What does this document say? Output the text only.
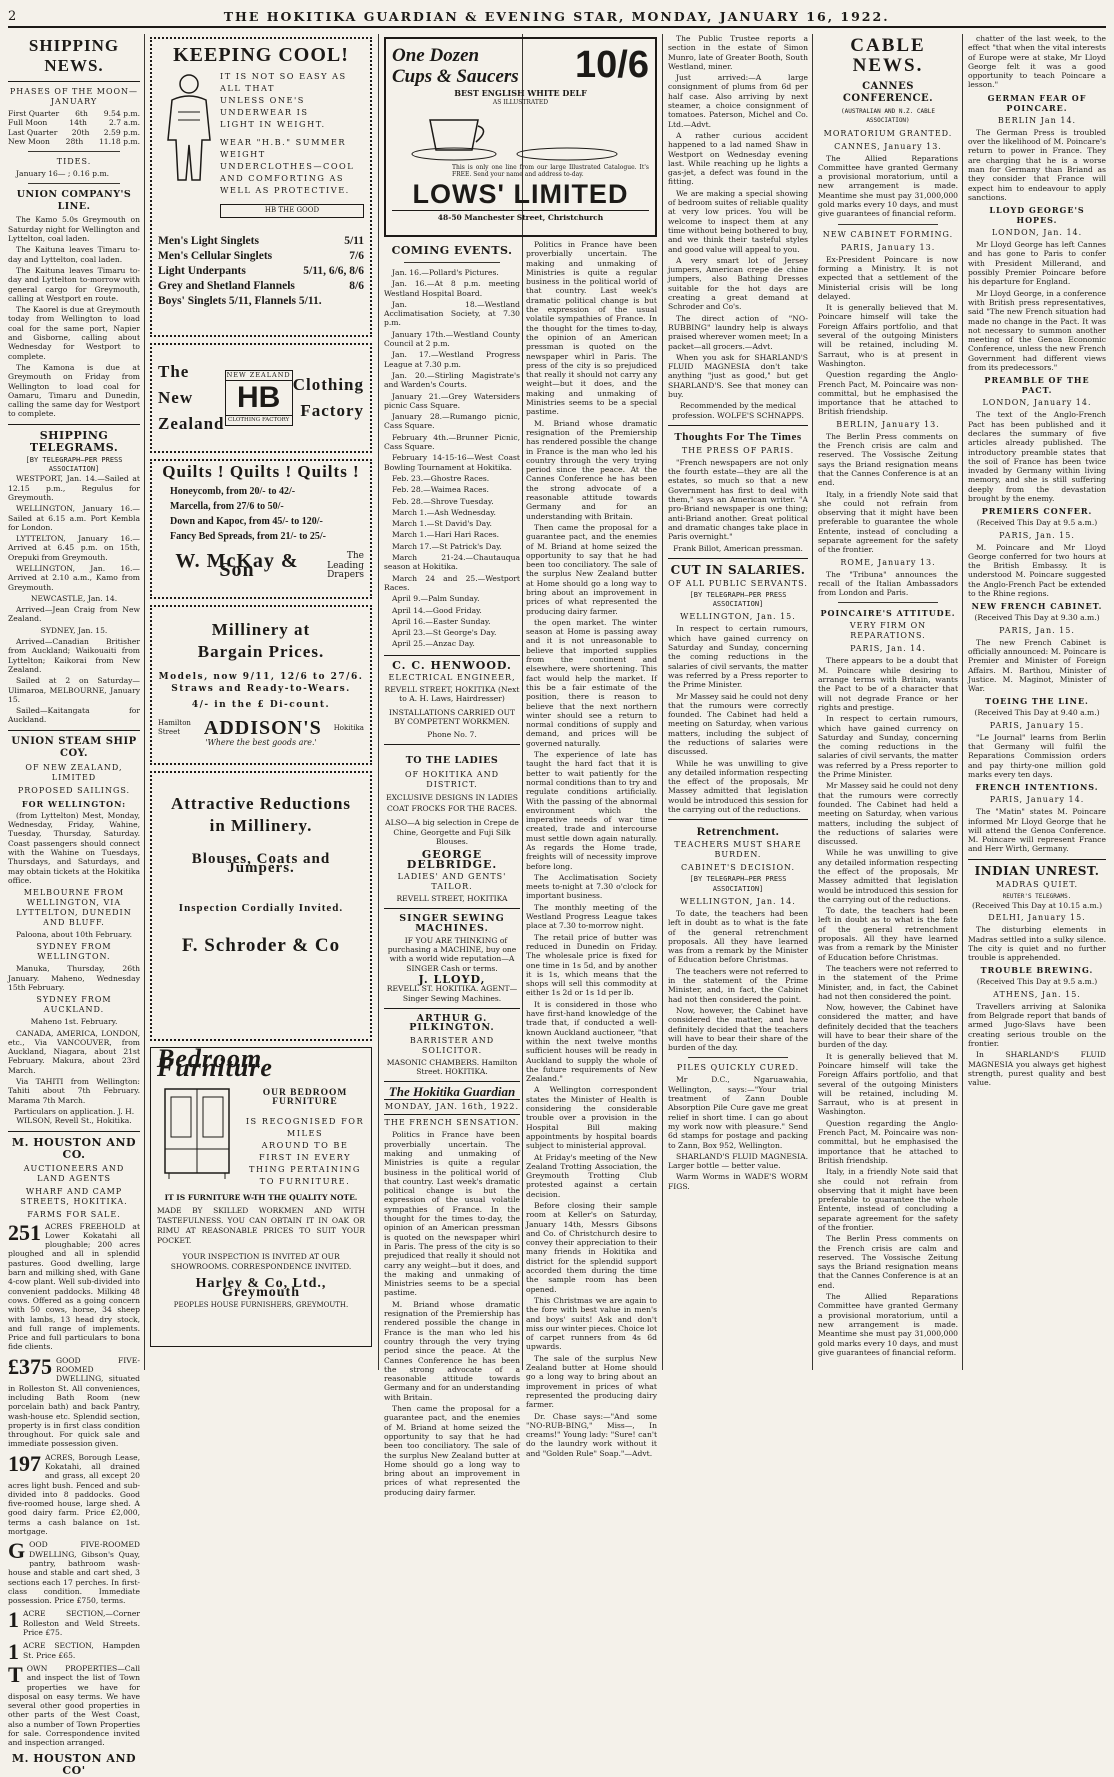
2	THE HOKITIKA GUARDIAN & EVENING STAR, MONDAY, JANUARY 16, 1922.
SHIPPING NEWS.
PHASES OF THE MOON—JANUARY
First Quarter 6th 9.54 p.m.
Full Moon	14th	2.7 a.m.
Last Quarter 20th 2.59 p.m.
New Moon 28th 11.18 p.m.
TIDES.

January 16— ; 0.16 p.m.

UNION COMPANY'S LINE.

The Kamo 5.0s Greymouth on Saturday night for Wellington and Lyttelton, coal laden.

The Kaituna leaves Timaru to-day and Lyttelton, coal laden.

The Kaituna leaves Timaru to-day and Lyttelton to-morrow with general cargo for Greymouth, calling at Westport en route.

The Kaorel is due at Greymouth today from Wellington to load coal for the same port, Napier and Gisborne, calling about Wednesday for Westport to complete.

The Kamona is due at Greymouth on Friday from Wellington to load coal for Oamaru, Timaru and Dunedin, calling the same day for Westport to complete.

SHIPPING TELEGRAMS.
[BY TELEGRAPH—PER PRESS ASSOCIATION]

WESTPORT, Jan. 14.—Sailed at 12.15 p.m., Regulus for Greymouth.

WELLINGTON, January 16.—Sailed at 6.15 a.m. Port Kembla for London.

LYTTELTON, January 16.—Arrived at 6.45 p.m. on 15th, Orepuki from Greymouth.

WELLINGTON, Jan. 16.—Arrived at 2.10 a.m., Kamo from Greymouth.

NEWCASTLE, Jan. 14.

Arrived—Jean Craig from New Zealand.

SYDNEY, Jan. 15.

Arrived—Canadian Britisher from Auckland; Waikouaiti from Lyttelton; Kaikorai from New Zealand.

Sailed at 2 on Saturday—Ulimaroa, MELBOURNE, January 15.

Sailed—Kaitangata for Auckland.

UNION STEAM SHIP COY.
OF NEW ZEALAND, LIMITED
PROPOSED SAILINGS.
FOR WELLINGTON:

(from Lyttelton) Mest, Monday, Wednesday, Friday, Wahine, Tuesday, Thursday, Saturday. Coast passengers should connect with the Wahine on Tuesdays, Thursdays, and Saturdays, and may obtain tickets at the Hokitika office.

MELBOURNE FROM WELLINGTON, VIA LYTTELTON, DUNEDIN AND BLUFF.

Paloona, about 10th February.

SYDNEY FROM WELLINGTON.

Manuka, Thursday, 26th January. Maheno, Wednesday 15th February.

SYDNEY FROM AUCKLAND.

Maheno 1st. February.

CANADA, AMERICA, LONDON, etc., Via VANCOUVER, from Auckland, Niagara, about 21st February. Makura, about 23rd March.

Via TAHITI from Wellington: Tahiti about 7th February. Marama 7th March.

Particulars on application. J. H. WILSON, Revell St., Hokitika.

M. HOUSTON AND CO.
AUCTIONEERS AND LAND AGENTS
WHARF AND CAMP STREETS, HOKITIKA.
FARMS FOR SALE.
251 ACRES FREEHOLD at Lower Kokatahi all ploughable; 200 acres ploughed and all in splendid pastures. Good dwelling, large barn and milking shed, with Gane 4-cow plant. Well sub-divided into convenient paddocks. Milking 48 cows. Offered as a going concern with 50 cows, horse, 34 sheep with lambs, 13 head dry stock, and full range of implements. Price and full particulars to bona fide clients.
£375 GOOD FIVE-ROOMED DWELLING, situated in Rolleston St. All conveniences, including Bath Room (new porcelain bath) and back Pantry, wash-house etc. Splendid section, property is in first class condition throughout. For quick sale and immediate possession given.
197 ACRES, Borough Lease, Kokatahi, all drained and grass, all except 20 acres light bush. Fenced and sub-divided into 8 paddocks. Good five-roomed house, large shed. A good dairy farm. Price £2,000, terms a cash balance on 1st. mortgage.
GOOD FIVE-ROOMED DWELLING, Gibson's Quay, pantry, bathroom wash-house and stable and cart shed, 3 sections each 17 perches. In first-class condition. Immediate possession. Price £750, terms.
1 ACRE SECTION,—Corner Rolleston and Weld Streets. Price £75.
1 ACRE SECTION, Hampden St. Price £65.
TOWN PROPERTIES—Call and inspect the list of Town properties we have for disposal on easy terms. We have several other good properties in other parts of the West Coast, also a number of Town Properties for sale. Correspondence invited and inspection arranged.
M. HOUSTON AND CO'
KEEPING COOL!
IT IS NOT SO EASY AS ALL THAT
UNLESS ONE'S UNDERWEAR IS
LIGHT IN WEIGHT.
WEAR "H.B." SUMMER WEIGHT
UNDERCLOTHES—COOL AND COMFORTING AS WELL AS PROTECTIVE.
HB THE GOOD
Men's Light Singlets	5/11
Men's Cellular Singlets	7/6
Light Underpants	5/11, 6/6, 8/6
Grey and Shetland Flannels	8/6
Boys' Singlets 5/11, Flannels 5/11.
The New
Zealand
NEW ZEALAND
HB
CLOTHING FACTORY
Clothing
Factory
Quilts ! Quilts ! Quilts !
Honeycomb, from 20/- to 42/-
Marcella, from 27/6 to 50/-
Down and Kapoc, from 45/- to 120/-
Fancy Bed Spreads, from 21/- to 25/-
W. McKay & Son
The Leading Drapers
Millinery at Bargain Prices.
Models, now 9/11, 12/6 to 27/6.
Straws and Ready-to-Wears.
4/- in the £ Di-count.
Hamilton Street	ADDISON'S Hokitika
'Where the best goods are.'
Attractive Reductions in Millinery.
Blouses, Coats and Jumpers.
Inspection Cordially Invited.
F. Schroder & Co
Bedroom Furniture
OUR BEDROOM FURNITURE
IS RECOGNISED FOR MILES
AROUND TO BE FIRST IN EVERY
THING PERTAINING TO FURNITURE.
IT IS FURNITURE W-TH THE QUALITY NOTE.
MADE BY SKILLED WORKMEN AND WITH TASTEFULNESS. YOU CAN OBTAIN IT IN OAK OR RIMU AT REASONABLE PRICES TO SUIT YOUR POCKET.
YOUR INSPECTION IS INVITED AT OUR SHOWROOMS. CORRESPONDENCE INVITED.
Harley & Co, Ltd., Greymouth
PEOPLES HOUSE FURNISHERS, GREYMOUTH.
One Dozen
Cups & Saucers 10/6
BEST ENGLISH WHITE DELF
AS ILLUSTRATED
This is only one line from our large Illustrated Catalogue. It's FREE. Send your name and address to-day.
LOWS' LIMITED
48-50 Manchester Street, Christchurch
COMING EVENTS.

Jan. 16.—Pollard's Pictures.

Jan. 16.—At 8 p.m. meeting Westland Hospital Board.

Jan. 18.—Westland Acclimatisation Society, at 7.30 p.m.

January 17th.—Westland County Council at 2 p.m.

Jan. 17.—Westland Progress League at 7.30 p.m.

Jan. 20.—Stirling Magistrate's and Warden's Courts.

January 21.—Grey Watersiders picnic Cass Square.

January 28.—Rumango picnic, Cass Square.

February 4th.—Brunner Picnic, Cass Square.

February 14-15-16—West Coast Bowling Tournament at Hokitika.

Feb. 23.—Ghostre Races.

Feb. 28.—Waimea Races.

Feb. 28.—Shrove Tuesday.

March 1.—Ash Wednesday.

March 1.—St David's Day.

March 1.—Hari Hari Races.

March 17.—St Patrick's Day.

March 21-24.—Chautauqua season at Hokitika.

March 24 and 25.—Westport Races.

April 9.—Palm Sunday.

April 14.—Good Friday.

April 16.—Easter Sunday.

April 23.—St George's Day.

April 25.—Anzac Day.

C. C. HENWOOD.
ELECTRICAL ENGINEER,
REVELL STREET, HOKITIKA (Next to A. H. Laws, Hairdresser)
INSTALLATIONS CARRIED OUT BY COMPETENT WORKMEN.
Phone No. 7.
TO THE LADIES
OF HOKITIKA AND DISTRICT.
EXCLUSIVE DESIGNS IN LADIES COAT FROCKS FOR THE RACES.
ALSO—A big selection in Crepe de Chine, Georgette and Fuji Silk Blouses.
GEORGE DELBRIDGE.
LADIES' AND GENTS' TAILOR.
REVELL STREET, HOKITIKA
SINGER SEWING MACHINES.

IF YOU ARE THINKING of purchasing a MACHINE, buy one with a world wide reputation—A SINGER Cash or terms.

J. LLOYD,
REVELL ST. HOKITIKA. AGENT—Singer Sewing Machines.
ARTHUR G. PILKINGTON.
BARRISTER AND SOLICITOR.
MASONIC CHAMBERS. Hamilton Street. HOKITIKA.
The Hokitika Guardian
MONDAY, JAN. 16th, 1922.
THE FRENCH SENSATION.

Politics in France have been proverbially uncertain. The making and unmaking of Ministries is quite a regular business in the political world of that country. Last week's dramatic political change is but the expression of the usual volatile sympathies of France. In the thought for the times to-day, the opinion of an American pressman is quoted on the newspaper whirl in Paris. The press of the city is so prejudiced that really it should not carry any weight—but it does, and the making and unmaking of Ministries seems to be a special pastime.

M. Briand whose dramatic resignation of the Premiership has rendered possible the change in France is the man who led his country through the very trying period since the peace. At the Cannes Conference he has been the strong advocate of a reasonable attitude towards Germany and for an understanding with Britain.

Then came the proposal for a guarantee pact, and the enemies of M. Briand at home seized the opportunity to say that he had been too conciliatory. The sale of the surplus New Zealand butter at Home should go a long way to bring about an improvement in prices of what represented the producing dairy farmer.

Politics in France have been proverbially uncertain. The making and unmaking of Ministries is quite a regular business in the political world of that country. Last week's dramatic political change is but the expression of the usual volatile sympathies of France. In the thought for the times to-day, the opinion of an American pressman is quoted on the newspaper whirl in Paris. The press of the city is so prejudiced that really it should not carry any weight—but it does, and the making and unmaking of Ministries seems to be a special pastime.

M. Briand whose dramatic resignation of the Premiership has rendered possible the change in France is the man who led his country through the very trying period since the peace. At the Cannes Conference he has been the strong advocate of a reasonable attitude towards Germany and for an understanding with Britain.

Then came the proposal for a guarantee pact, and the enemies of M. Briand at home seized the opportunity to say that he had been too conciliatory. The sale of the surplus New Zealand butter at Home should go a long way to bring about an improvement in prices of what represented the producing dairy farmer.

the open market. The winter season at Home is passing away and it is not unreasonable to believe that imported supplies from the continent and elsewhere, were shortening. This fact would help the market. If this be a fair estimate of the position, there is reason to believe that the next northern winter should see a return to normal conditions of supply and demand, and prices will be governed naturally.

The experience of late has taught the hard fact that it is better to wait patiently for the normal conditions than to try and regulate conditions artificially. With the passing of the abnormal environment which the imperative needs of war time created, trade and intercourse must settle down again naturally. As regards the Home trade, freights will of necessity improve before long.

The Acclimatisation Society meets to-night at 7.30 o'clock for important business.

The monthly meeting of the Westland Progress League takes place at 7.30 to-morrow night.

The retail price of butter was reduced in Dunedin on Friday. The wholesale price is fixed for one time in 1s 5d, and by another it is 1s, which means that the shops will sell this commodity at either 1s 2d or 1s 1d per lb.

It is considered in those who have first-hand knowledge of the trade that, if conducted a well-known Auckland auctioneer, "that within the next twelve months sufficient houses will be ready in Auckland to supply the whole of the future requirements of New Zealand."

A Wellington correspondent states the Minister of Health is considering the considerable trouble over a provision in the Hospital Bill making appointments by hospital boards subject to ministerial approval.

At Friday's meeting of the New Zealand Trotting Association, the Greymouth Trotting Club protested against a certain decision.

Before closing their sample room at Keller's on Saturday, January 14th, Messrs Gibsons and Co. of Christchurch desire to convey their appreciation to their many friends in Hokitika and district for the splendid support accorded them during the time the sample room has been opened.

This Christmas we are again to the fore with best value in men's and boys' suits! Ask and don't miss our winter pieces. Choice lot of carpet runners from 4s 6d upwards.

The sale of the surplus New Zealand butter at Home should go a long way to bring about an improvement in prices of what represented the producing dairy farmer.

Dr. Chase says:—"And some "NO-RUB-BING," Miss—, In creams!" Young lady: "Sure! can't do the laundry work without it and "Golden Rule" Soap."—Advt.

The Public Trustee reports a section in the estate of Simon Munro, late of Greater Booth, South Westland, miner.

Just arrived:—A large consignment of plums from 6d per half case. Also arriving by next steamer, a choice consignment of tomatoes. Paterson, Michel and Co. Ltd.—Advt.

A rather curious accident happened to a lad named Shaw in Westport on Wednesday evening last. While reaching up he lights a gas-jet, a defect was found in the fitting.

We are making a special showing of bedroom suites of reliable quality at very low prices. You will be welcome to inspect them at any time without being bothered to buy, and we think their tasteful styles and good value will appeal to you.

A very smart lot of Jersey jumpers, American crepe de chine jumpers, also Bathing Dresses suitable for the hot days are creating a great demand at Schroder and Co's.

The direct action of "NO-RUBBING" laundry help is always praised wherever women meet; In a packet—all grocers.—Advt.

When you ask for SHARLAND'S FLUID MAGNESIA don't take anything "just as good," but get SHARLAND'S. See that money can buy.

Recommended by the medical profession. WOLFE'S SCHNAPPS.

Thoughts For The Times
THE PRESS OF PARIS.

"French newspapers are not only the fourth estate—they are all the estates, so much so that a new Government has first to deal with them," says an American writer. "A pro-Briand newspaper is one thing; anti-Briand another. Great political and dramatic changes take place in Paris overnight."

Frank Billot, American pressman.

CUT IN SALARIES.
OF ALL PUBLIC SERVANTS.
[BY TELEGRAPH—PER PRESS ASSOCIATION]
WELLINGTON, Jan. 15.

In respect to certain rumours, which have gained currency on Saturday and Sunday, concerning the coming reductions in the salaries of civil servants, the matter was referred by a Press reporter to the Prime Minister.

Mr Massey said he could not deny that the rumours were correctly founded. The Cabinet had held a meeting on Saturday, when various matters, including the subject of the reductions of salaries were discussed.

While he was unwilling to give any detailed information respecting the effect of the proposals, Mr Massey admitted that legislation would be introduced this session for the carrying out of the reductions.

Retrenchment.
TEACHERS MUST SHARE BURDEN.
CABINET'S DECISION.
[BY TELEGRAPH—PER PRESS ASSOCIATION]
WELLINGTON, Jan. 14.

To date, the teachers had been left in doubt as to what is the fate of the general retrenchment proposals. All they have learned was from a remark by the Minister of Education before Christmas.

The teachers were not referred to in the statement of the Prime Minister, and, in fact, the Cabinet had not then considered the point.

Now, however, the Cabinet have considered the matter, and have definitely decided that the teachers will have to bear their share of the burden of the day.

PILES QUICKLY CURED.

Mr D.C., Ngaruawahia, Wellington, says:—"Your trial treatment of Zann Double Absorption Pile Cure gave me great relief in short time. I can go about my work now with pleasure." Send 6d stamps for postage and packing to Zann, Box 952, Wellington.

SHARLAND'S FLUID MAGNESIA. Larger bottle — better value.

Warm Worms in WADE'S WORM FIGS.

CABLE NEWS.
CANNES CONFERENCE.
(AUSTRALIAN AND N.Z. CABLE ASSOCIATION)
MORATORIUM GRANTED.
CANNES, January 13.

The Allied Reparations Committee have granted Germany a provisional moratorium, until a new arrangement is made. Meantime she must pay 31,000,000 gold marks every 10 days, and must give guarantees of financial reform.

NEW CABINET FORMING.
PARIS, January 13.

Ex-President Poincare is now forming a Ministry. It is not expected that a settlement of the Ministerial crisis will be long delayed.

It is generally believed that M. Poincare himself will take the Foreign Affairs portfolio, and that several of the outgoing Ministers will be retained, including M. Sarraut, who is at present in Washington.

Question regarding the Anglo-French Pact, M. Poincaire was non-committal, but he emphasised the importance that he attached to British friendship.

BERLIN, January 13.

The Berlin Press comments on the French crisis are calm and reserved. The Vossische Zeitung says the Briand resignation means that the Cannes Conference is at an end.

Italy, in a friendly Note said that she could not refrain from observing that it might have been preferable to guarantee the whole Entente, instead of concluding a separate agreement for the safety of the frontier.

ROME, January 13.

The "Tribuna" announces the recall of the Italian Ambassadors from London and Paris.

POINCAIRE'S ATTITUDE.
VERY FIRM ON REPARATIONS.
PARIS, Jan. 14.

There appears to be a doubt that M. Poincare while desiring to arrange terms with Britain, wants the Pact to be of a character that will not degrade France or her rights and prestige.

In respect to certain rumours, which have gained currency on Saturday and Sunday, concerning the coming reductions in the salaries of civil servants, the matter was referred by a Press reporter to the Prime Minister.

Mr Massey said he could not deny that the rumours were correctly founded. The Cabinet had held a meeting on Saturday, when various matters, including the subject of the reductions of salaries were discussed.

While he was unwilling to give any detailed information respecting the effect of the proposals, Mr Massey admitted that legislation would be introduced this session for the carrying out of the reductions.

To date, the teachers had been left in doubt as to what is the fate of the general retrenchment proposals. All they have learned was from a remark by the Minister of Education before Christmas.

The teachers were not referred to in the statement of the Prime Minister, and, in fact, the Cabinet had not then considered the point.

Now, however, the Cabinet have considered the matter, and have definitely decided that the teachers will have to bear their share of the burden of the day.

It is generally believed that M. Poincare himself will take the Foreign Affairs portfolio, and that several of the outgoing Ministers will be retained, including M. Sarraut, who is at present in Washington.

Question regarding the Anglo-French Pact, M. Poincaire was non-committal, but he emphasised the importance that he attached to British friendship.

Italy, in a friendly Note said that she could not refrain from observing that it might have been preferable to guarantee the whole Entente, instead of concluding a separate agreement for the safety of the frontier.

The Berlin Press comments on the French crisis are calm and reserved. The Vossische Zeitung says the Briand resignation means that the Cannes Conference is at an end.

The Allied Reparations Committee have granted Germany a provisional moratorium, until a new arrangement is made. Meantime she must pay 31,000,000 gold marks every 10 days, and must give guarantees of financial reform.

chatter of the last week, to the effect "that when the vital interests of Europe were at stake, Mr Lloyd George felt it was a good opportunity to teach Poincare a lesson."

GERMAN FEAR OF POINCARE.
BERLIN Jan 14.

The German Press is troubled over the likelihood of M. Poincare's return to power in France. They are charging that he is a worse man for Germany than Briand as they consider that France will expect him to endeavour to apply sanctions.

LLOYD GEORGE'S HOPES.
LONDON, Jan. 14.

Mr Lloyd George has left Cannes and has gone to Paris to confer with President Millerand, and possibly Premier Poincare before his departure for England.

Mr Lloyd George, in a conference with British press representatives, said "The new French situation had made no change in the Pact. It was not necessary to summon another meeting of the Genoa Economic Conference, unless the new French Government had different views from its predecessors."

PREAMBLE OF THE PACT.
LONDON, January 14.

The text of the Anglo-French Pact has been published and it declares the summary of five articles already published. The introductory preamble states that the soil of France has been twice invaded by Germany within living memory, and she is still suffering deeply from the devastation brought by the enemy.

PREMIERS CONFER.
(Received This Day at 9.5 a.m.)
PARIS, Jan. 15.

M. Poincare and Mr Lloyd George conferred for two hours at the British Embassy. It is understood M. Poincare suggested the Anglo-French Pact be extended to the Rhine regions.

NEW FRENCH CABINET.
(Received This Day at 9.30 a.m.)
PARIS, Jan. 15.

The new French Cabinet is officially announced: M. Poincare is Premier and Minister of Foreign Affairs. M. Barthou, Minister of Justice. M. Maginot, Minister of War.

TOEING THE LINE.
(Received This Day at 9.40 a.m.)
PARIS, January 15.

"Le Journal" learns from Berlin that Germany will fulfil the Reparations Commission orders and pay thirty-one million gold marks every ten days.

FRENCH INTENTIONS.
PARIS, January 14.

The "Matin" states M. Poincare informed Mr Lloyd George that he will attend the Genoa Conference. M. Poincare will represent France and Herr Wirth, Germany.

INDIAN UNREST.
MADRAS QUIET.
REUTER'S TELEGRAMS.
(Received This Day at 10.15 a.m.)
DELHI, January 15.

The disturbing elements in Madras settled into a sulky silence. The city is quiet and no further trouble is apprehended.

TROUBLE BREWING.
(Received This Day at 9.5 a.m.)
ATHENS, Jan. 15.

Travellers arriving at Salonika from Belgrade report that bands of armed Jugo-Slavs have been creating serious trouble on the frontier.

In SHARLAND'S FLUID MAGNESIA you always get highest strength, purest quality and best value.
